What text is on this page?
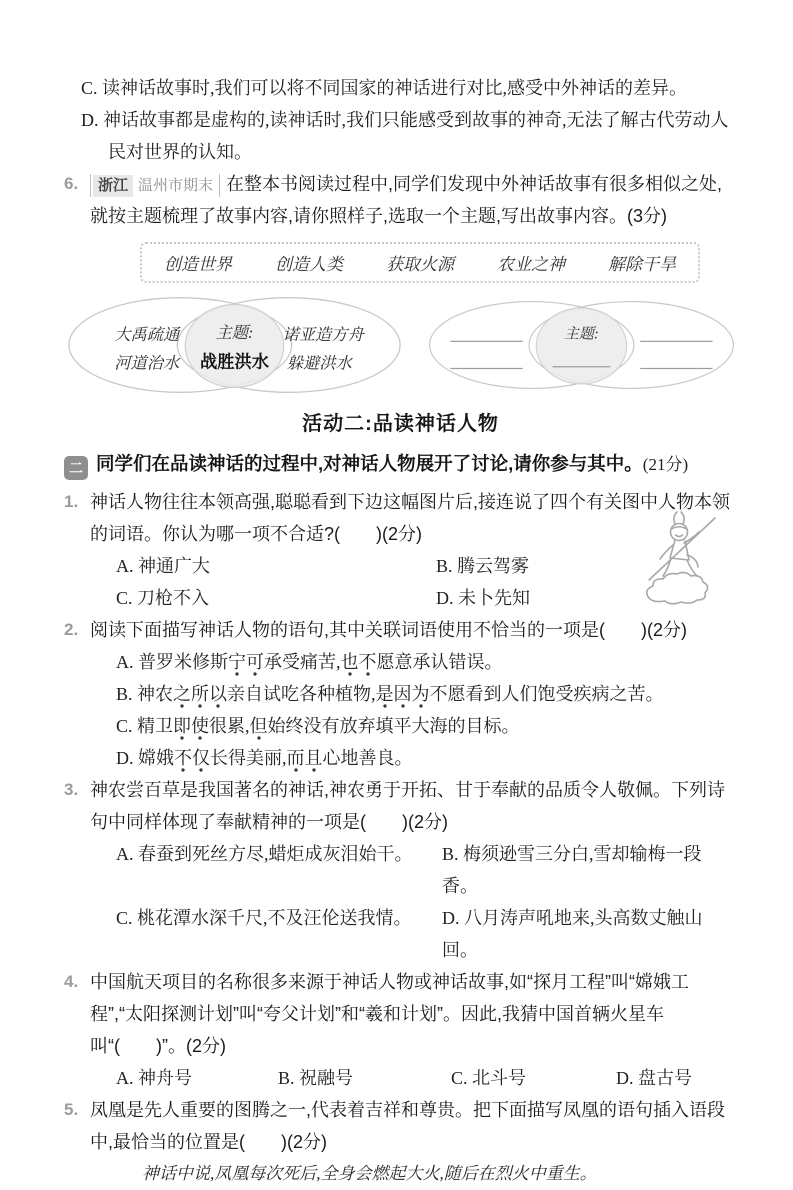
C. 读神话故事时,我们可以将不同国家的神话进行对比,感受中外神话的差异。
D. 神话故事都是虚构的,读神话时,我们只能感受到故事的神奇,无法了解古代劳动人民对世界的认知。
6.	浙江 温州市期末 在整本书阅读过程中,同学们发现中外神话故事有很多相似之处,就按主题梳理了故事内容,请你照样子,选取一个主题,写出故事内容。(3分)
创造世界	创造人类	获取火源	农业之神	解除干旱
大禹疏通
河道治水
主题:
战胜洪水
诺亚造方舟
躲避洪水
主题:
活动二:品读神话人物
二 同学们在品读神话的过程中,对神话人物展开了讨论,请你参与其中。(21分)
1. 神话人物往往本领高强,聪聪看到下边这幅图片后,接连说了四个有关图中人物本领的词语。你认为哪一项不合适?(　　)(2分)
A. 神通广大	B. 腾云驾雾
C. 刀枪不入	D. 未卜先知
2. 阅读下面描写神话人物的语句,其中关联词语使用不恰当的一项是(　　)(2分)
A. 普罗米修斯宁可承受痛苦,也不愿意承认错误。
B. 神农之所以亲自试吃各种植物,是因为不愿看到人们饱受疾病之苦。
C. 精卫即使很累,但始终没有放弃填平大海的目标。
D. 嫦娥不仅长得美丽,而且心地善良。
3. 神农尝百草是我国著名的神话,神农勇于开拓、甘于奉献的品质令人敬佩。下列诗句中同样体现了奉献精神的一项是(　　)(2分)
A. 春蚕到死丝方尽,蜡炬成灰泪始干。	B. 梅须逊雪三分白,雪却输梅一段香。
C. 桃花潭水深千尺,不及汪伦送我情。	D. 八月涛声吼地来,头高数丈触山回。
4. 中国航天项目的名称很多来源于神话人物或神话故事,如“探月工程”叫“嫦娥工程”,“太阳探测计划”叫“夸父计划”和“羲和计划”。因此,我猜中国首辆火星车叫“(　　)”。(2分)
A. 神舟号	B. 祝融号	C. 北斗号	D. 盘古号
5. 凤凰是先人重要的图腾之一,代表着吉祥和尊贵。把下面描写凤凰的语句插入语段中,最恰当的位置是(　　)(2分)
神话中说,凤凰每次死后,全身会燃起大火,随后在烈火中重生。
